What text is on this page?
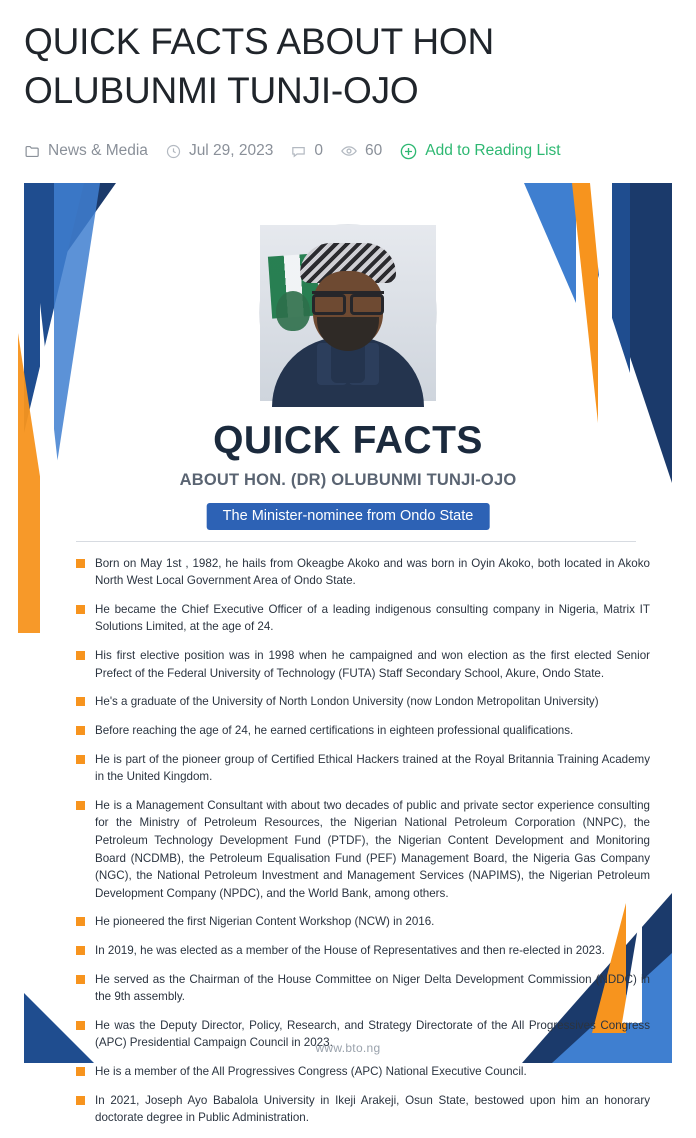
QUICK FACTS ABOUT HON OLUBUNMI TUNJI-OJO
News & Media	Jul 29, 2023	0	60	Add to Reading List
QUICK FACTS
ABOUT HON. (DR) OLUBUNMI TUNJI-OJO
The Minister-nominee from Ondo State
Born on May 1st , 1982, he hails from Okeagbe Akoko and was born in Oyin Akoko, both located in Akoko North West Local Government Area of Ondo State.
He became the Chief Executive Officer of a leading indigenous consulting company in Nigeria, Matrix IT Solutions Limited, at the age of 24.
His first elective position was in 1998 when he campaigned and won election as the first elected Senior Prefect of the Federal University of Technology (FUTA) Staff Secondary School, Akure, Ondo State.
He's a graduate of the University of North London University (now London Metropolitan University)
Before reaching the age of 24, he earned certifications in eighteen professional qualifications.
He is part of the pioneer group of Certified Ethical Hackers trained at the Royal Britannia Training Academy in the United Kingdom.
He is a Management Consultant with about two decades of public and private sector experience consulting for the Ministry of Petroleum Resources, the Nigerian National Petroleum Corporation (NNPC), the Petroleum Technology Development Fund (PTDF), the Nigerian Content Development and Monitoring Board (NCDMB), the Petroleum Equalisation Fund (PEF) Management Board, the Nigeria Gas Company (NGC), the National Petroleum Investment and Management Services (NAPIMS), the Nigerian Petroleum Development Company (NPDC), and the World Bank, among others.
He pioneered the first Nigerian Content Workshop (NCW) in 2016.
In 2019, he was elected as a member of the House of Representatives and then re-elected in 2023.
He served as the Chairman of the House Committee on Niger Delta Development Commission (NDDC) in the 9th assembly.
He was the Deputy Director, Policy, Research, and Strategy Directorate of the All Progressives Congress (APC) Presidential Campaign Council in 2023.
He is a member of the All Progressives Congress (APC) National Executive Council.
In 2021, Joseph Ayo Babalola University in Ikeji Arakeji, Osun State, bestowed upon him an honorary doctorate degree in Public Administration.
www.bto.ng
